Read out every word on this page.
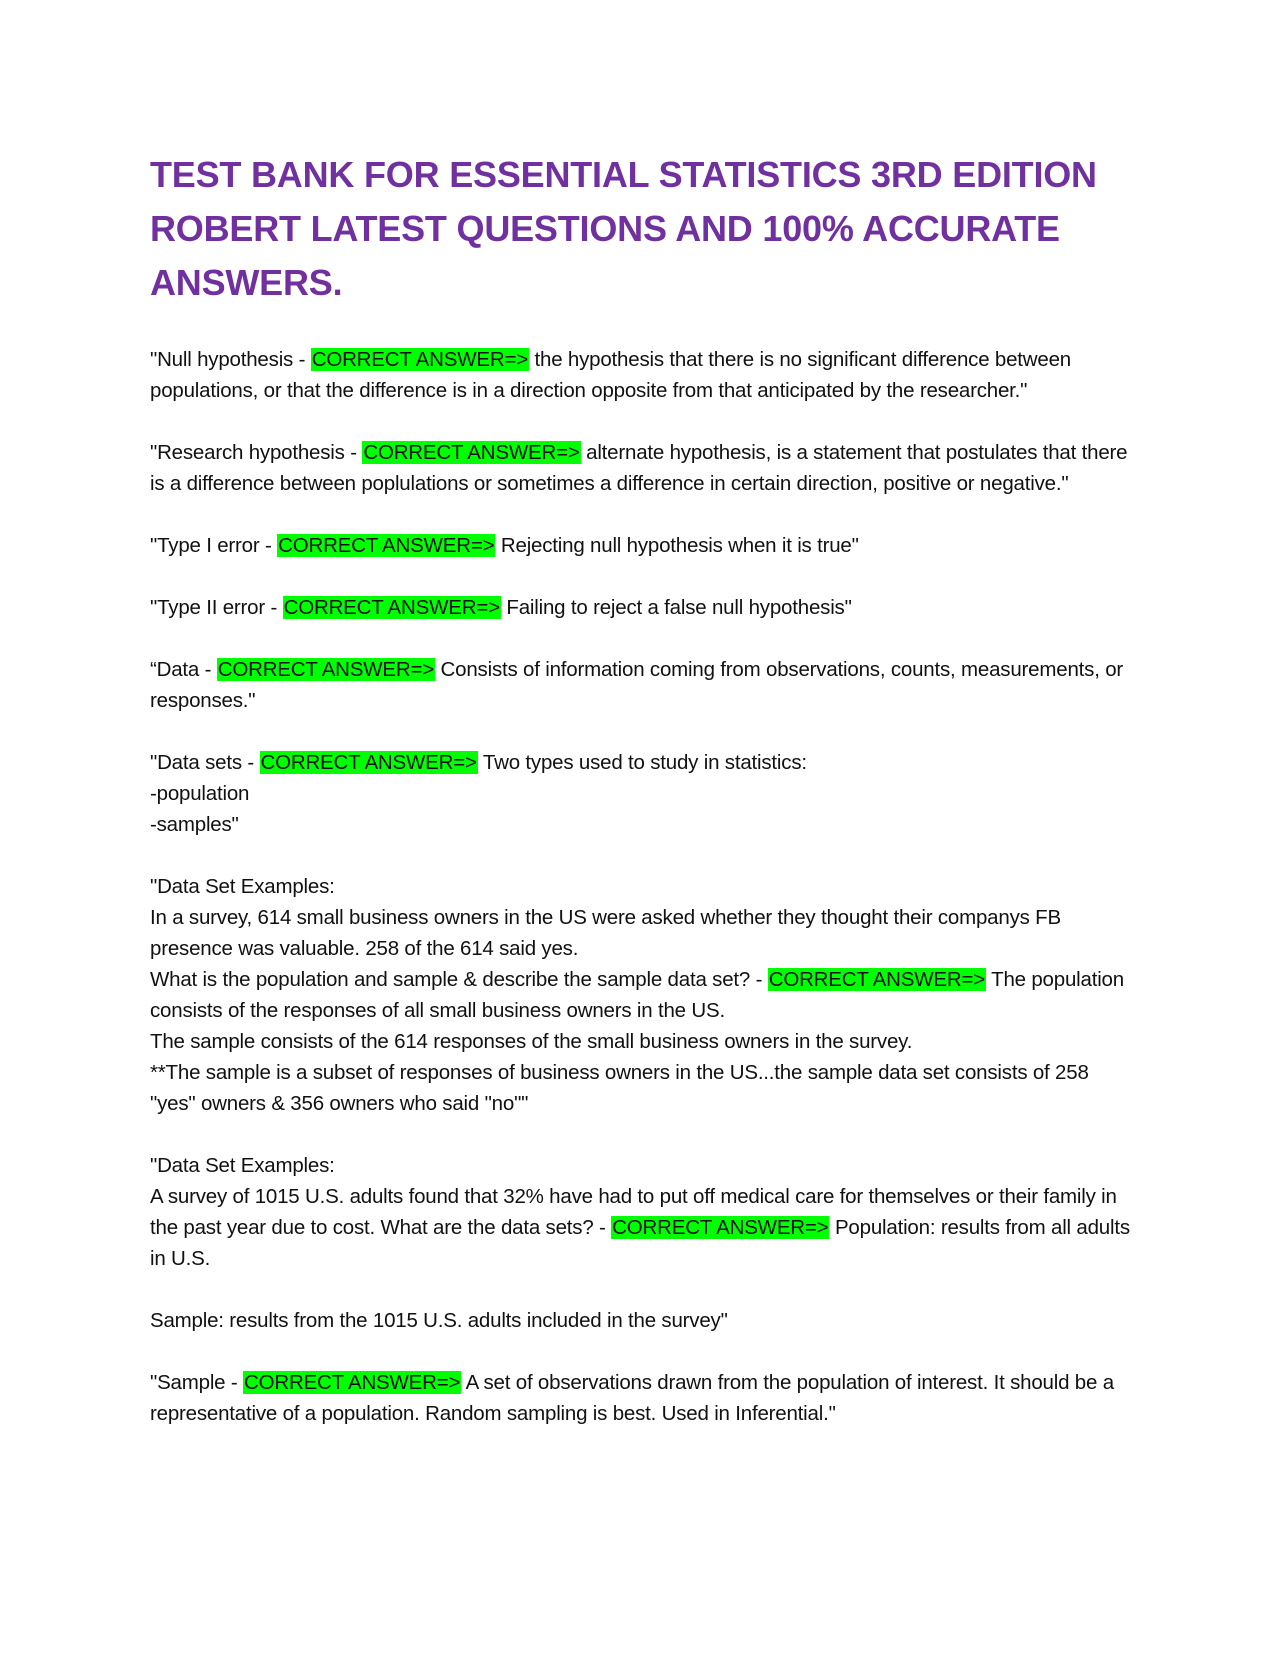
TEST BANK FOR ESSENTIAL STATISTICS 3RD EDITION
ROBERT LATEST QUESTIONS AND 100% ACCURATE
ANSWERS.

"Null hypothesis - CORRECT ANSWER=> the hypothesis that there is no significant difference between populations, or that the difference is in a direction opposite from that anticipated by the researcher."

"Research hypothesis - CORRECT ANSWER=> alternate hypothesis, is a statement that postulates that there is a difference between poplulations or sometimes a difference in certain direction, positive or negative."

"Type I error - CORRECT ANSWER=> Rejecting null hypothesis when it is true"

"Type II error - CORRECT ANSWER=> Failing to reject a false null hypothesis"

“Data - CORRECT ANSWER=> Consists of information coming from observations, counts, measurements, or responses."

"Data sets - CORRECT ANSWER=> Two types used to study in statistics:
-population
-samples"

"Data Set Examples:
In a survey, 614 small business owners in the US were asked whether they thought their companys FB presence was valuable. 258 of the 614 said yes.
What is the population and sample & describe the sample data set? - CORRECT ANSWER=> The population consists of the responses of all small business owners in the US.
The sample consists of the 614 responses of the small business owners in the survey.
**The sample is a subset of responses of business owners in the US...the sample data set consists of 258 "yes" owners & 356 owners who said "no""

"Data Set Examples:
A survey of 1015 U.S. adults found that 32% have had to put off medical care for themselves or their family in the past year due to cost. What are the data sets? - CORRECT ANSWER=> Population: results from all adults in U.S.

Sample: results from the 1015 U.S. adults included in the survey"

"Sample - CORRECT ANSWER=> A set of observations drawn from the population of interest. It should be a representative of a population. Random sampling is best. Used in Inferential."
